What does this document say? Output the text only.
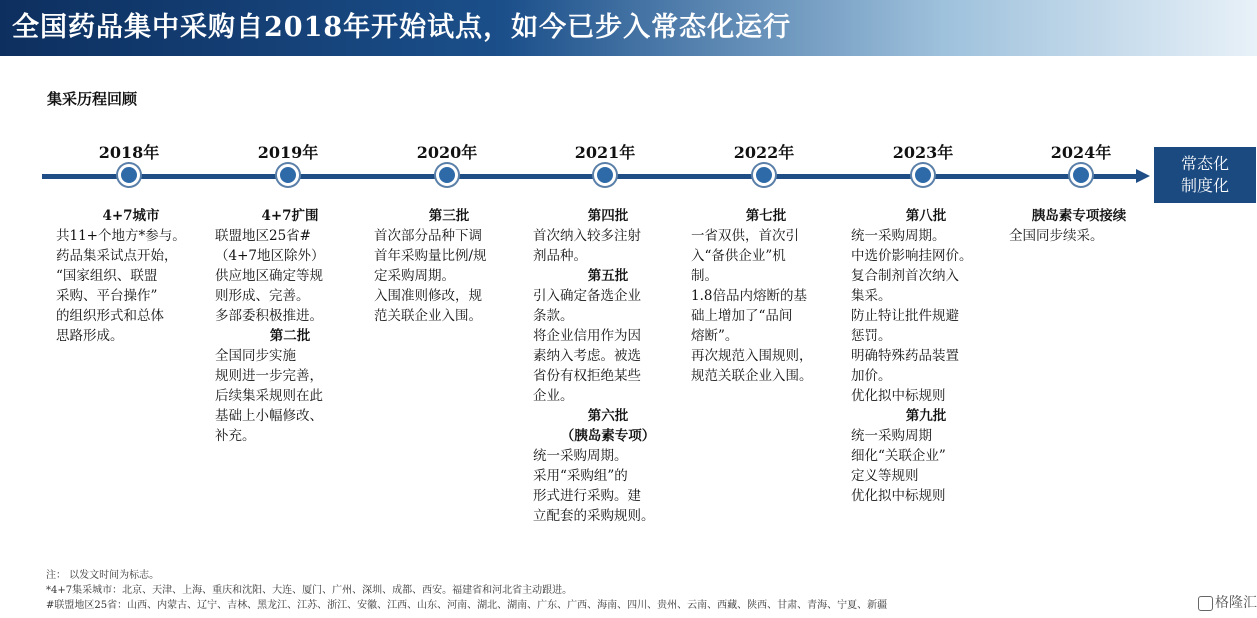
全国药品集中采购自2018年开始试点，如今已步入常态化运行
集采历程回顾
常态化
制度化
2018年	2019年	2020年	2021年	2022年	2023年	2024年
4+7城市
共11+个地方*参与。
药品集采试点开始，
“国家组织、联盟
采购、平台操作”
的组织形式和总体
思路形成。
4+7扩围
联盟地区25省#
（4+7地区除外）
供应地区确定等规
则形成、完善。
多部委积极推进。
第二批
全国同步实施
规则进一步完善，
后续集采规则在此
基础上小幅修改、
补充。
第三批
首次部分品种下调
首年采购量比例/规
定采购周期。
入围准则修改，规
范关联企业入围。
第四批
首次纳入较多注射
剂品种。
第五批
引入确定备选企业
条款。
将企业信用作为因
素纳入考虑。被选
省份有权拒绝某些
企业。
第六批
（胰岛素专项）
统一采购周期。
采用“采购组”的
形式进行采购。建
立配套的采购规则。
第七批
一省双供，首次引
入“备供企业”机
制。
1.8倍品内熔断的基
础上增加了“品间
熔断”。
再次规范入围规则，
规范关联企业入围。
第八批
统一采购周期。
中选价影响挂网价。
复合制剂首次纳入
集采。
防止特让批件规避
惩罚。
明确特殊药品装置
加价。
优化拟中标规则
第九批
统一采购周期
细化“关联企业”
定义等规则
优化拟中标规则
胰岛素专项接续
全国同步续采。
注： 以发文时间为标志。
*4+7集采城市：北京、天津、上海、重庆和沈阳、大连、厦门、广州、深圳、成都、西安。福建省和河北省主动跟进。
#联盟地区25省：山西、内蒙古、辽宁、吉林、黑龙江、江苏、浙江、安徽、江西、山东、河南、湖北、湖南、广东、广西、海南、四川、贵州、云南、西藏、陕西、甘肃、青海、宁夏、新疆	格隆汇
